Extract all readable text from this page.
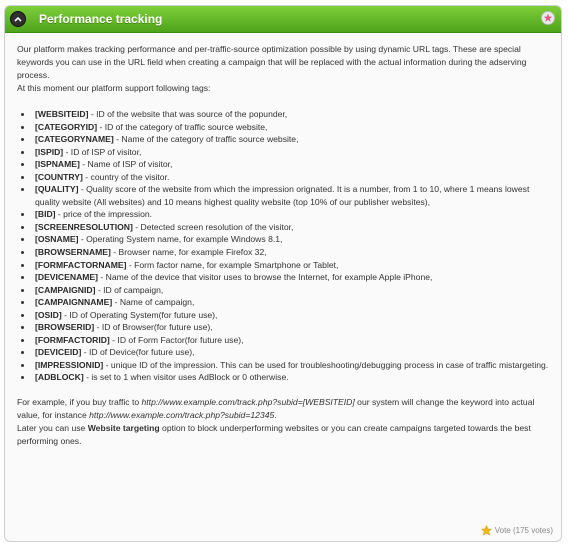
Performance tracking

Our platform makes tracking performance and per-traffic-source optimization possible by using dynamic URL tags. These are special keywords you can use in the URL field when creating a campaign that will be replaced with the actual information during the adserving process.

At this moment our platform support following tags:

• [WEBSITEID] - ID of the website that was source of the popunder,
• [CATEGORYID] - ID of the category of traffic source website,
• [CATEGORYNAME] - Name of the category of traffic source website,
• [ISPID] - ID of ISP of visitor,
• [ISPNAME] - Name of ISP of visitor,
• [COUNTRY] - country of the visitor.
• [QUALITY] - Quality score of the website from which the impression orignated. It is a number, from 1 to 10, where 1 means lowest quality website (All websites) and 10 means highest quality website (top 10% of our publisher websites),
• [BID] - price of the impression.
• [SCREENRESOLUTION] - Detected screen resolution of the visitor,
• [OSNAME] - Operating System name, for example Windows 8.1,
• [BROWSERNAME] - Browser name, for example Firefox 32,
• [FORMFACTORNAME] - Form factor name, for example Smartphone or Tablet,
• [DEVICENAME] - Name of the device that visitor uses to browse the Internet, for example Apple iPhone,
• [CAMPAIGNID] - ID of campaign,
• [CAMPAIGNNAME] - Name of campaign,
• [OSID] - ID of Operating System(for future use),
• [BROWSERID] - ID of Browser(for future use),
• [FORMFACTORID] - ID of Form Factor(for future use),
• [DEVICEID] - ID of Device(for future use),
• [IMPRESSIONID] - unique ID of the impression. This can be used for troubleshooting/debugging process in case of traffic mistargeting.
• [ADBLOCK] - is set to 1 when visitor uses AdBlock or 0 otherwise.

For example, if you buy traffic to http://www.example.com/track.php?subid=[WEBSITEID] our system will change the keyword into actual value, for instance http://www.example.com/track.php?subid=12345.

Later you can use Website targeting option to block underperforming websites or you can create campaigns targeted towards the best performing ones.

Vote (175 votes)
